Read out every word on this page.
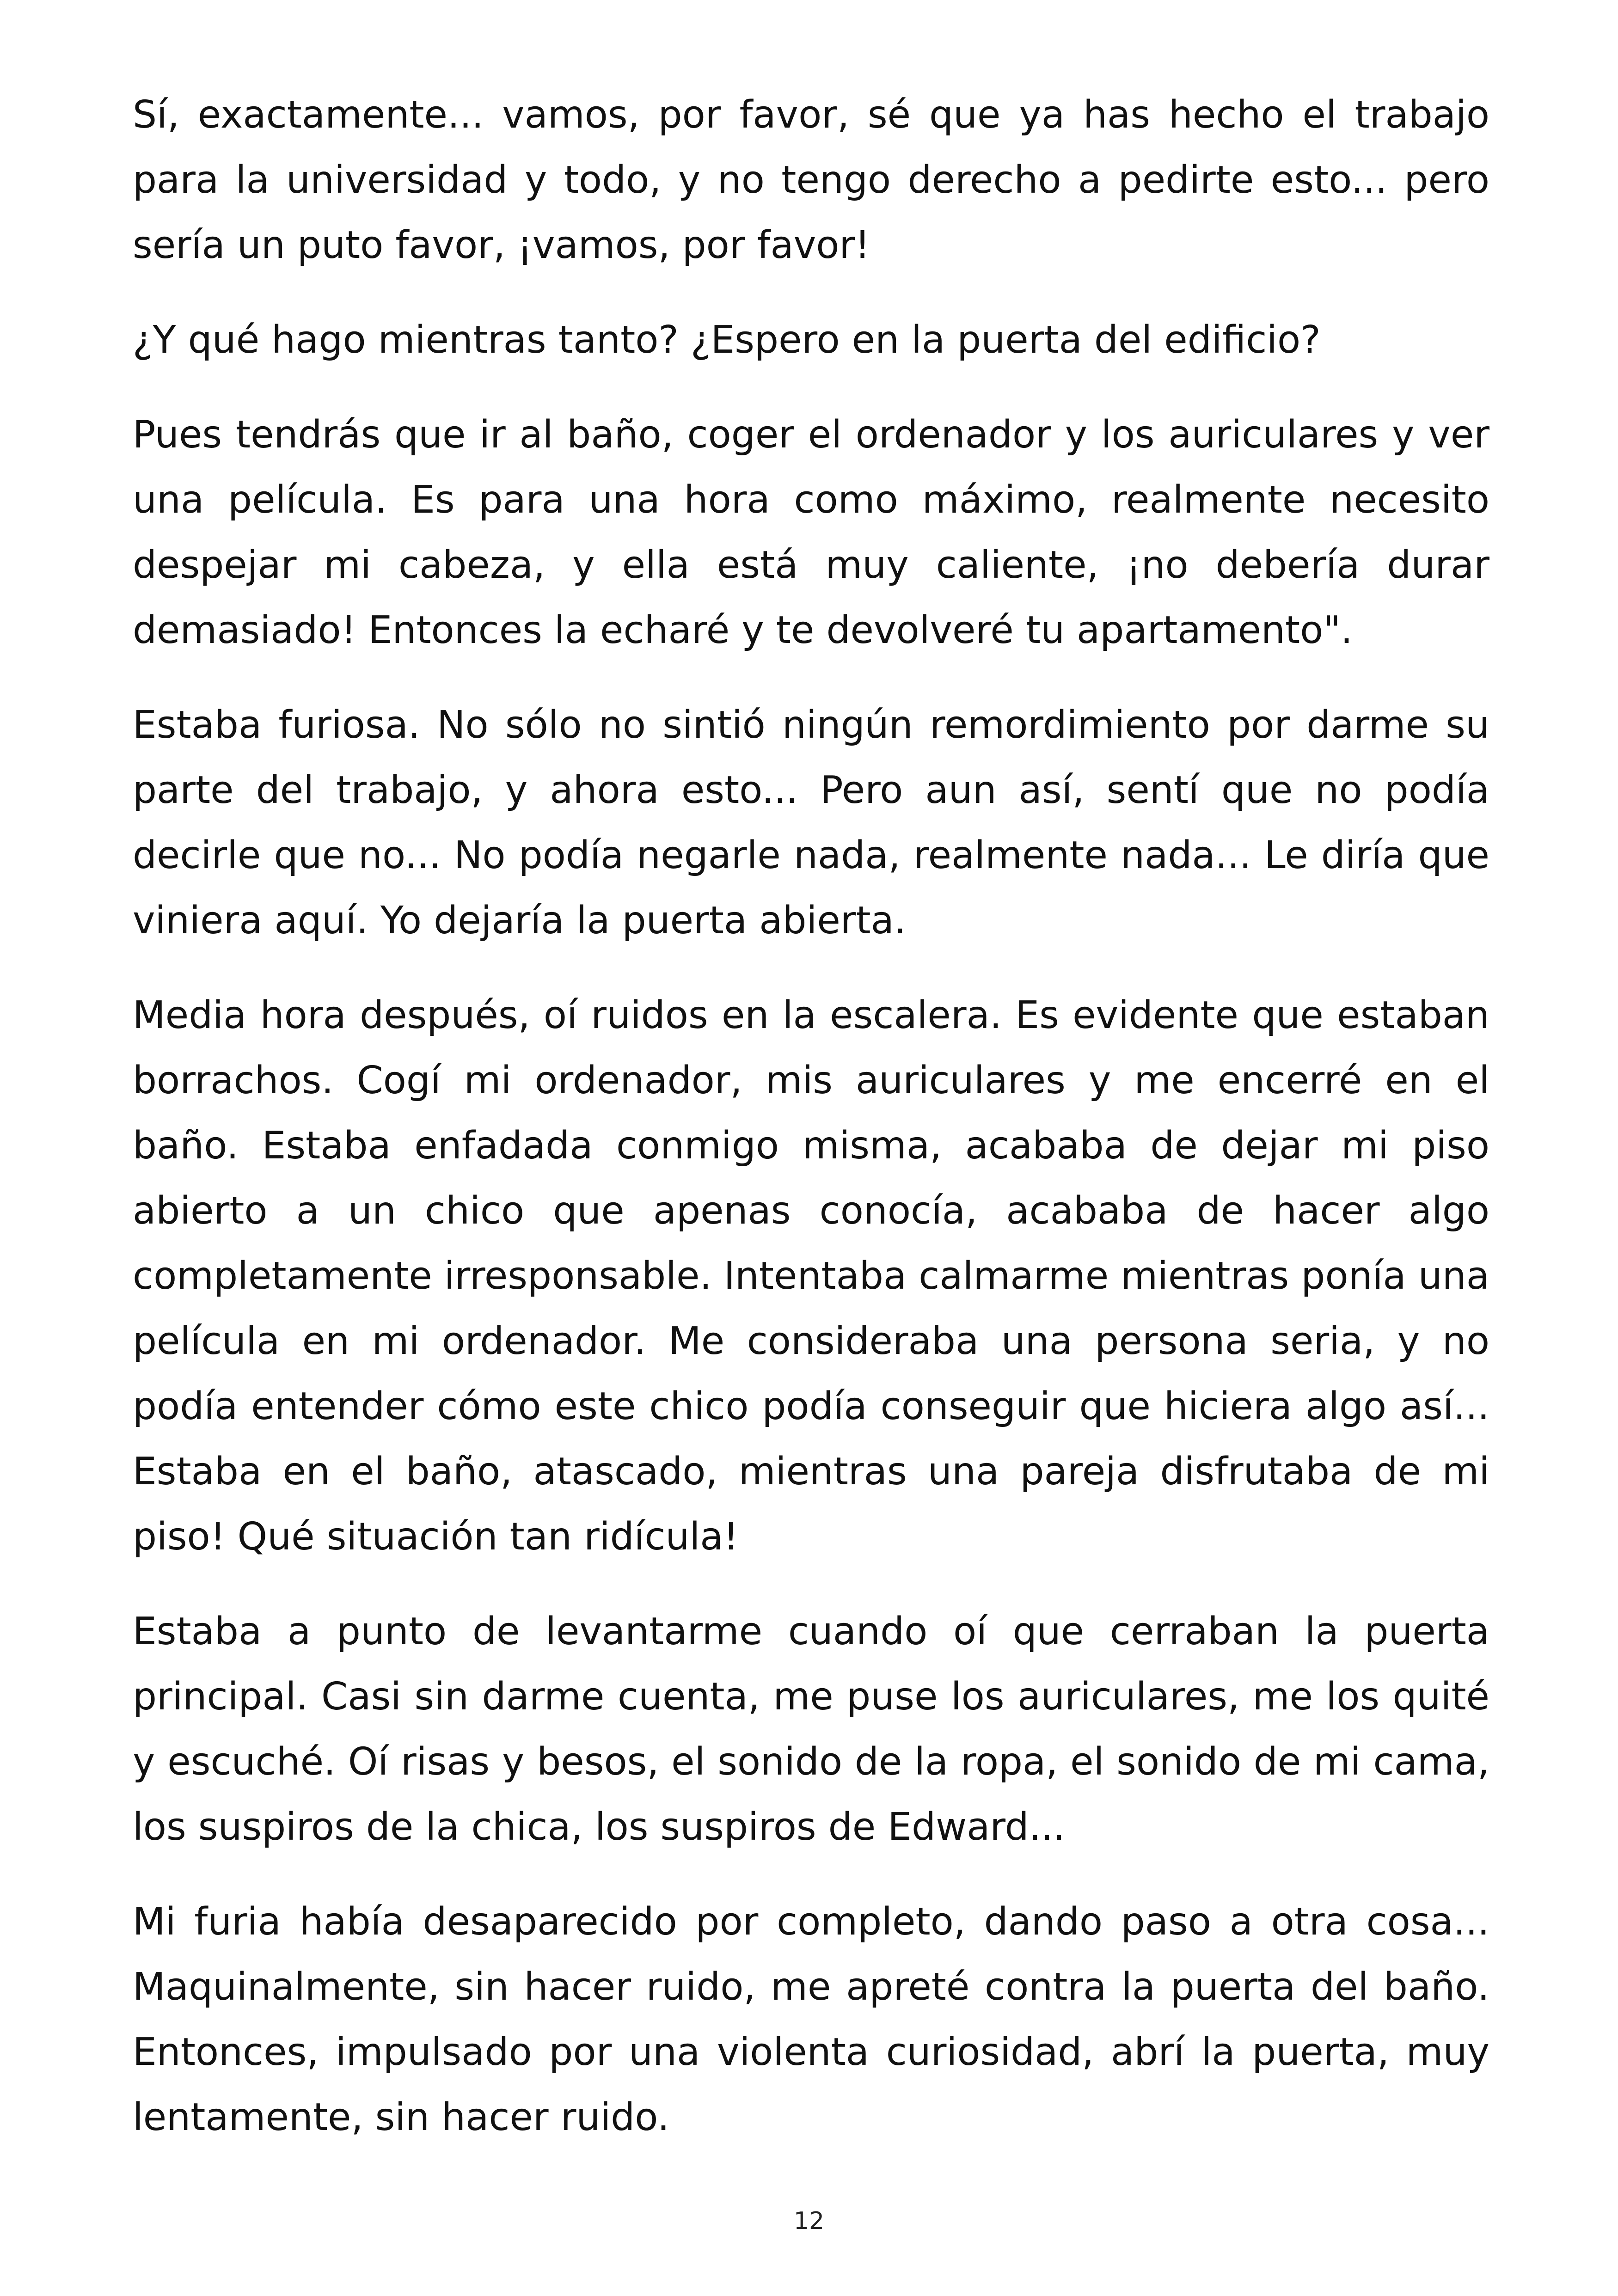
Sí, exactamente... vamos, por favor, sé que ya has hecho el trabajo para la universidad y todo, y no tengo derecho a pedirte esto... pero sería un puto favor, ¡vamos, por favor!

¿Y qué hago mientras tanto? ¿Espero en la puerta del edificio?

Pues tendrás que ir al baño, coger el ordenador y los auriculares y ver una película. Es para una hora como máximo, realmente necesito despejar mi cabeza, y ella está muy caliente, ¡no debería durar demasiado! Entonces la echaré y te devolveré tu apartamento".

Estaba furiosa. No sólo no sintió ningún remordimiento por darme su parte del trabajo, y ahora esto... Pero aun así, sentí que no podía decirle que no... No podía negarle nada, realmente nada... Le diría que viniera aquí. Yo dejaría la puerta abierta.

Media hora después, oí ruidos en la escalera. Es evidente que estaban borrachos. Cogí mi ordenador, mis auriculares y me encerré en el baño. Estaba enfadada conmigo misma, acababa de dejar mi piso abierto a un chico que apenas conocía, acababa de hacer algo completamente irresponsable. Intentaba calmarme mientras ponía una película en mi ordenador. Me consideraba una persona seria, y no podía entender cómo este chico podía conseguir que hiciera algo así... Estaba en el baño, atascado, mientras una pareja disfrutaba de mi piso! Qué situación tan ridícula!

Estaba a punto de levantarme cuando oí que cerraban la puerta principal. Casi sin darme cuenta, me puse los auriculares, me los quité y escuché. Oí risas y besos, el sonido de la ropa, el sonido de mi cama, los suspiros de la chica, los suspiros de Edward...

Mi furia había desaparecido por completo, dando paso a otra cosa... Maquinalmente, sin hacer ruido, me apreté contra la puerta del baño. Entonces, impulsado por una violenta curiosidad, abrí la puerta, muy lentamente, sin hacer ruido.

12
